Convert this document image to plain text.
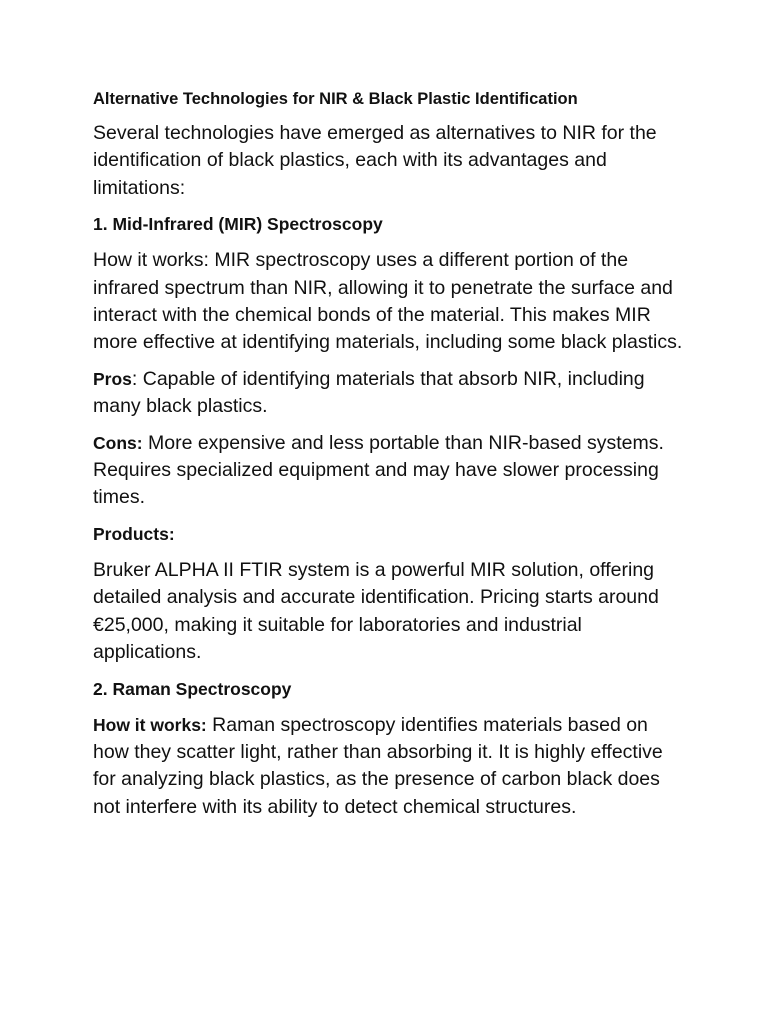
Alternative Technologies for NIR & Black Plastic Identification

Several technologies have emerged as alternatives to NIR for the identification of black plastics, each with its advantages and limitations:

1. Mid-Infrared (MIR) Spectroscopy

How it works: MIR spectroscopy uses a different portion of the infrared spectrum than NIR, allowing it to penetrate the surface and interact with the chemical bonds of the material. This makes MIR more effective at identifying materials, including some black plastics.

Pros: Capable of identifying materials that absorb NIR, including many black plastics.

Cons: More expensive and less portable than NIR-based systems. Requires specialized equipment and may have slower processing times.

Products:

Bruker ALPHA II FTIR system is a powerful MIR solution, offering detailed analysis and accurate identification. Pricing starts around €25,000, making it suitable for laboratories and industrial applications.

2. Raman Spectroscopy

How it works: Raman spectroscopy identifies materials based on how they scatter light, rather than absorbing it. It is highly effective for analyzing black plastics, as the presence of carbon black does not interfere with its ability to detect chemical structures.
